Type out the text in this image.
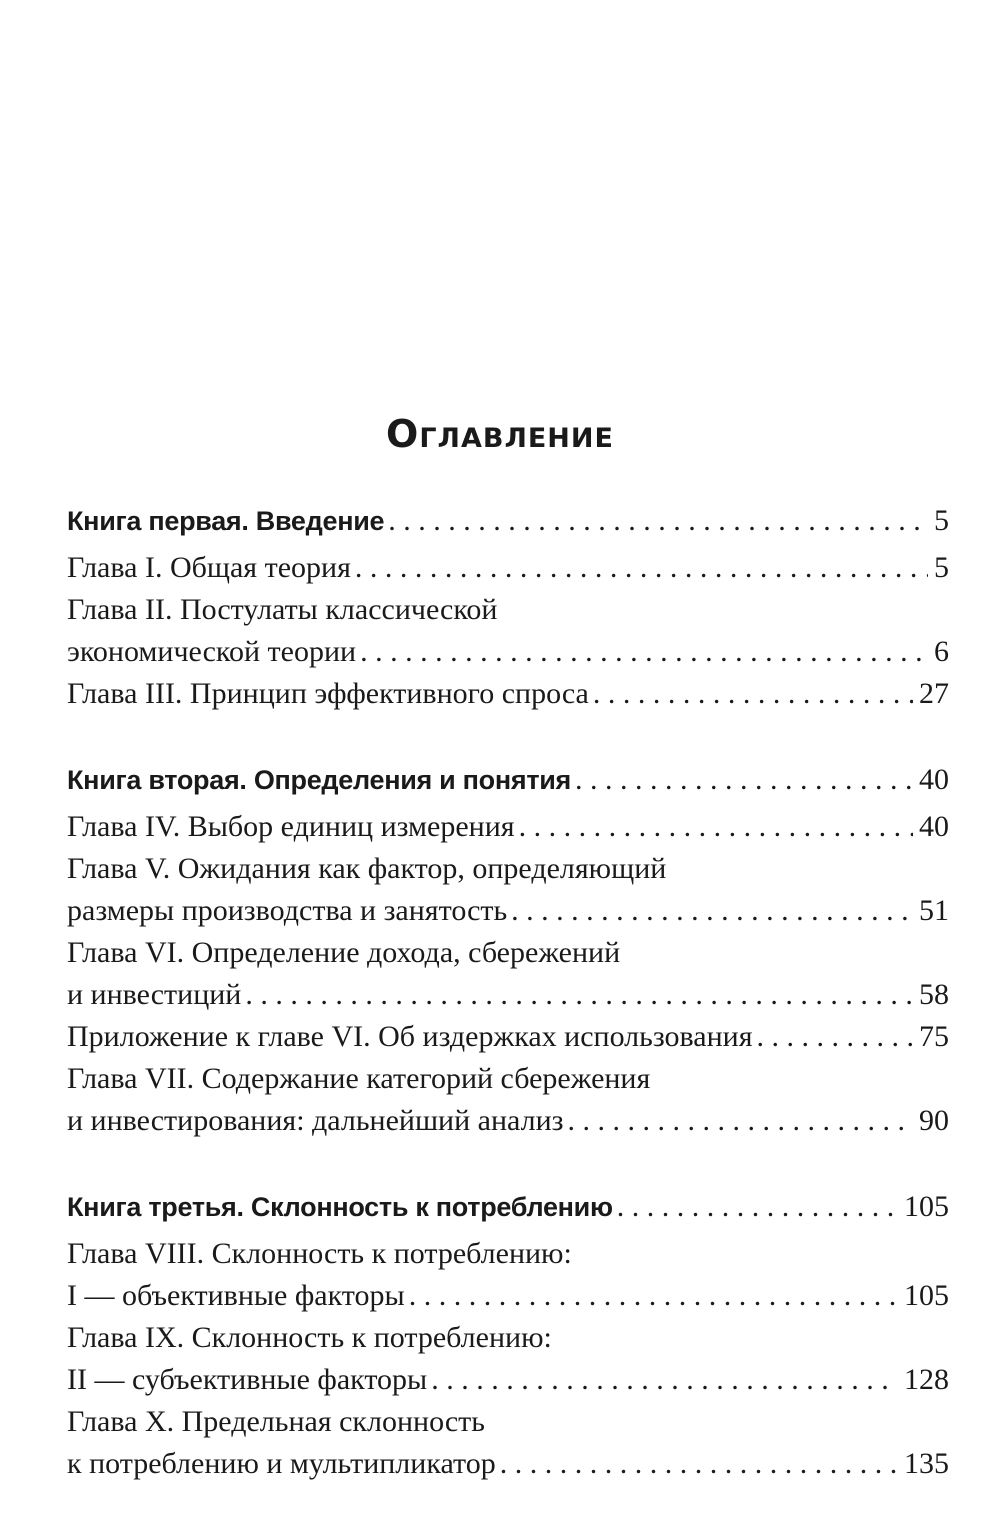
Оглавление
Книга первая. Введение . . .	5
Глава I. Общая теория . . .	5
Глава II. Постулаты классической
экономической теории . . .	6
Глава III. Принцип эффективного спроса . . .	27
Книга вторая. Определения и понятия . . .	40
Глава IV. Выбор единиц измерения . . .	40
Глава V. Ожидания как фактор, определяющий
размеры производства и занятость . . .	51
Глава VI. Определение дохода, сбережений
и инвестиций . . .	58
Приложение к главе VI. Об издержках использования . . .	75
Глава VII. Содержание категорий сбережения
и инвестирования: дальнейший анализ . . .	90
Книга третья. Склонность к потреблению . . .	105
Глава VIII. Склонность к потреблению:
I — объективные факторы . . .	105
Глава IX. Склонность к потреблению:
II — субъективные факторы . . .	128
Глава X. Предельная склонность
к потреблению и мультипликатор . . .	135
